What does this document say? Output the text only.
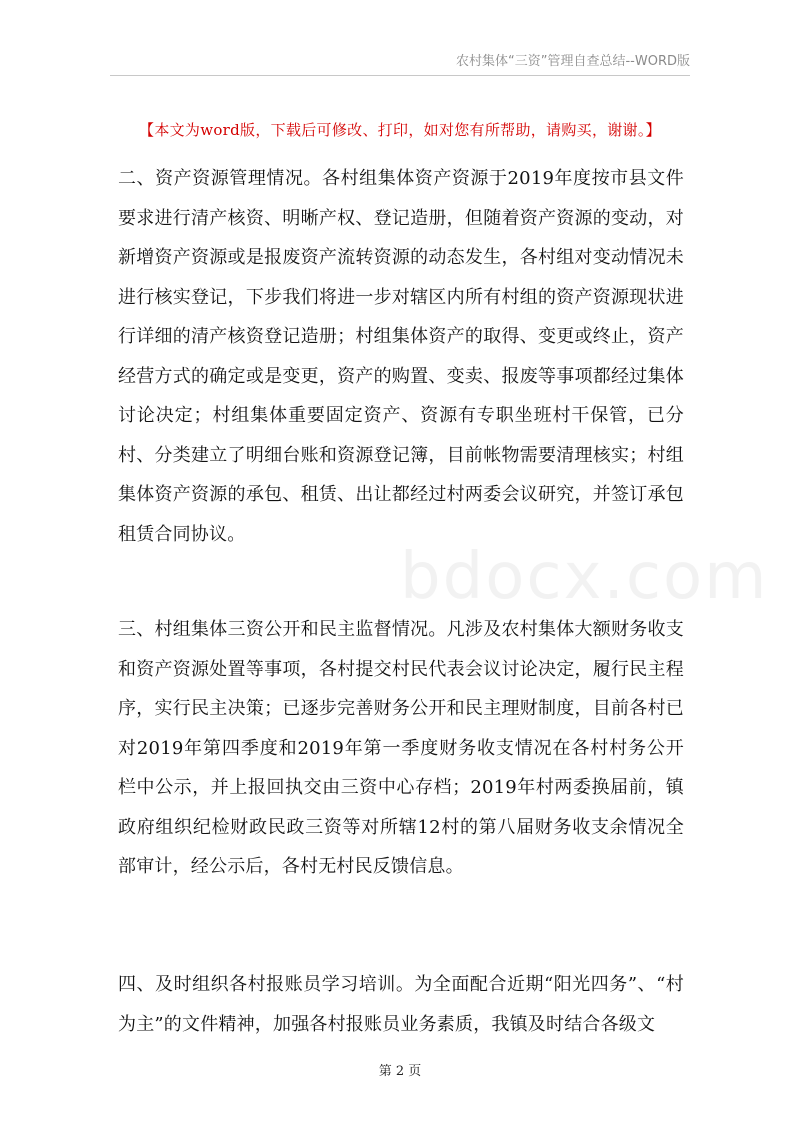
农村集体“三资”管理自查总结--WORD版
【本文为word版，下载后可修改、打印，如对您有所帮助，请购买，谢谢。】

二、资产资源管理情况。各村组集体资产资源于2019年度按市县文件要求进行清产核资、明晰产权、登记造册，但随着资产资源的变动，对新增资产资源或是报废资产流转资源的动态发生，各村组对变动情况未进行核实登记，下步我们将进一步对辖区内所有村组的资产资源现状进行详细的清产核资登记造册；村组集体资产的取得、变更或终止，资产经营方式的确定或是变更，资产的购置、变卖、报废等事项都经过集体讨论决定；村组集体重要固定资产、资源有专职坐班村干保管，已分村、分类建立了明细台账和资源登记簿，目前帐物需要清理核实；村组集体资产资源的承包、租赁、出让都经过村两委会议研究，并签订承包租赁合同协议。

bdocx.com

三、村组集体三资公开和民主监督情况。凡涉及农村集体大额财务收支和资产资源处置等事项，各村提交村民代表会议讨论决定，履行民主程序，实行民主决策；已逐步完善财务公开和民主理财制度，目前各村已对2019年第四季度和2019年第一季度财务收支情况在各村村务公开栏中公示，并上报回执交由三资中心存档；2019年村两委换届前，镇政府组织纪检财政民政三资等对所辖12村的第八届财务收支余情况全部审计，经公示后，各村无村民反馈信息。

四、及时组织各村报账员学习培训。为全面配合近期“阳光四务”、“村为主”的文件精神，加强各村报账员业务素质，我镇及时结合各级文

第 2 页
